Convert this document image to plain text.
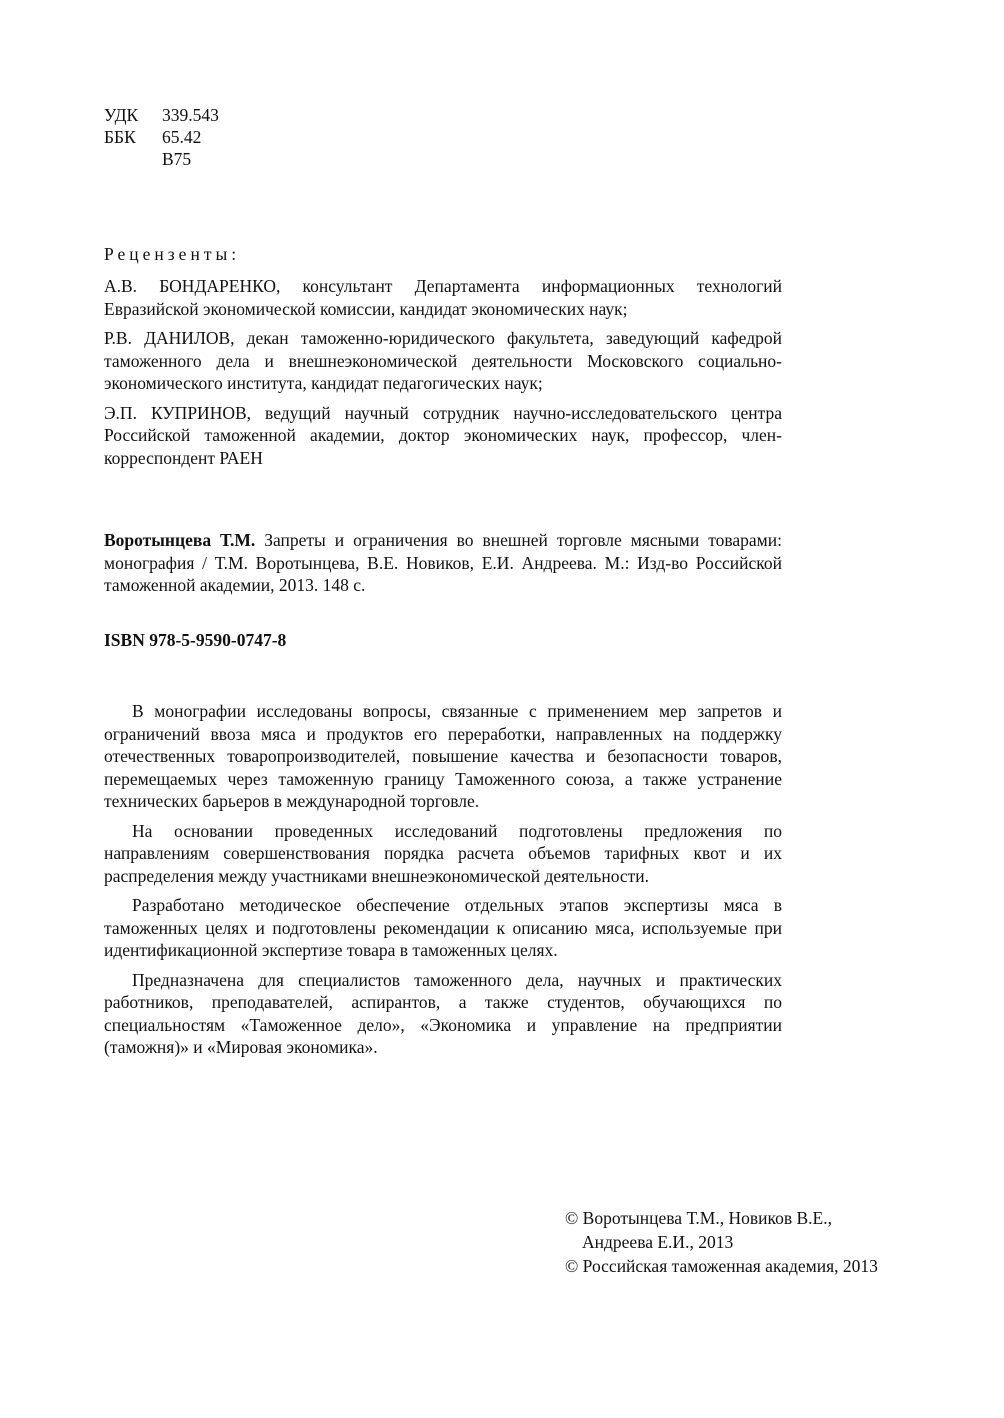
УДК	339.543
ББК	65.42
В75
Рецензенты:
А.В. БОНДАРЕНКО, консультант Департамента информационных технологий Евразийской экономической комиссии, кандидат экономических наук;
Р.В. ДАНИЛОВ, декан таможенно-юридического факультета, заведующий кафедрой таможенного дела и внешнеэкономической деятельности Московского социально-экономического института, кандидат педагогических наук;
Э.П. КУПРИНОВ, ведущий научный сотрудник научно-исследовательского центра Российской таможенной академии, доктор экономических наук, профессор, член-корреспондент РАЕН
Воротынцева Т.М. Запреты и ограничения во внешней торговле мясными товарами: монография / Т.М. Воротынцева, В.Е. Новиков, Е.И. Андреева. М.: Изд-во Российской таможенной академии, 2013. 148 с.
ISBN 978-5-9590-0747-8

В монографии исследованы вопросы, связанные с применением мер запретов и ограничений ввоза мяса и продуктов его переработки, направленных на поддержку отечественных товаропроизводителей, повышение качества и безопасности товаров, перемещаемых через таможенную границу Таможенного союза, а также устранение технических барьеров в международной торговле.

На основании проведенных исследований подготовлены предложения по направлениям совершенствования порядка расчета объемов тарифных квот и их распределения между участниками внешнеэкономической деятельности.

Разработано методическое обеспечение отдельных этапов экспертизы мяса в таможенных целях и подготовлены рекомендации к описанию мяса, используемые при идентификационной экспертизе товара в таможенных целях.

Предназначена для специалистов таможенного дела, научных и практических работников, преподавателей, аспирантов, а также студентов, обучающихся по специальностям «Таможенное дело», «Экономика и управление на предприятии (таможня)» и «Мировая экономика».

© Воротынцева Т.М., Новиков В.Е.,
Андреева Е.И., 2013
© Российская таможенная академия, 2013
